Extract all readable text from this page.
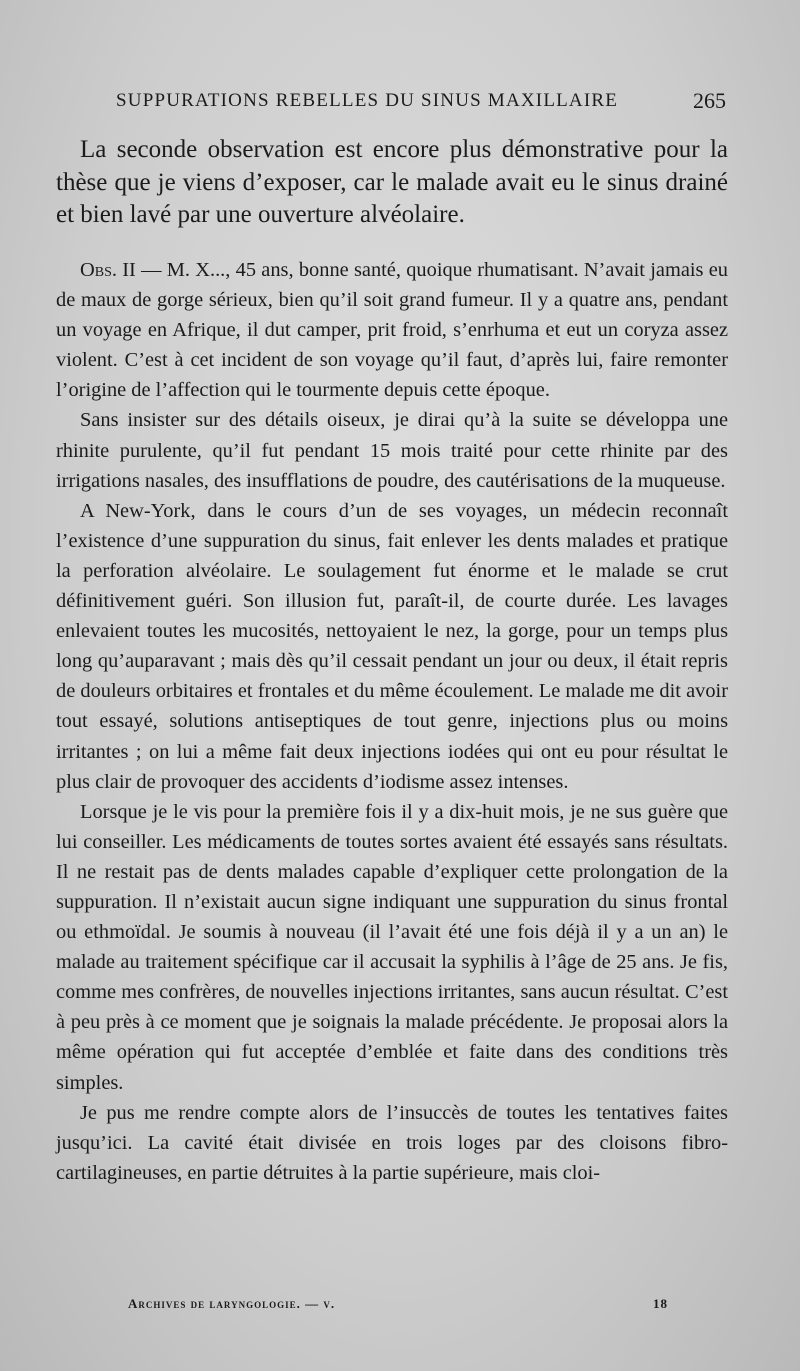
SUPPURATIONS REBELLES DU SINUS MAXILLAIRE	265

La seconde observation est encore plus démonstrative pour la thèse que je viens d’exposer, car le malade avait eu le sinus drainé et bien lavé par une ouverture alvéolaire.

Obs. II — M. X..., 45 ans, bonne santé, quoique rhumatisant. N’avait jamais eu de maux de gorge sérieux, bien qu’il soit grand fumeur. Il y a quatre ans, pendant un voyage en Afrique, il dut camper, prit froid, s’enrhuma et eut un coryza assez violent. C’est à cet incident de son voyage qu’il faut, d’après lui, faire remonter l’origine de l’affection qui le tourmente depuis cette époque.

Sans insister sur des détails oiseux, je dirai qu’à la suite se développa une rhinite purulente, qu’il fut pendant 15 mois traité pour cette rhinite par des irrigations nasales, des insufflations de poudre, des cautérisations de la muqueuse.

A New-York, dans le cours d’un de ses voyages, un médecin reconnaît l’existence d’une suppuration du sinus, fait enlever les dents malades et pratique la perforation alvéolaire. Le soulagement fut énorme et le malade se crut définitivement guéri. Son illusion fut, paraît-il, de courte durée. Les lavages enlevaient toutes les mucosités, nettoyaient le nez, la gorge, pour un temps plus long qu’auparavant ; mais dès qu’il cessait pendant un jour ou deux, il était repris de douleurs orbitaires et frontales et du même écoulement. Le malade me dit avoir tout essayé, solutions antiseptiques de tout genre, injections plus ou moins irritantes ; on lui a même fait deux injections iodées qui ont eu pour résultat le plus clair de provoquer des accidents d’iodisme assez intenses.

Lorsque je le vis pour la première fois il y a dix-huit mois, je ne sus guère que lui conseiller. Les médicaments de toutes sortes avaient été essayés sans résultats. Il ne restait pas de dents malades capable d’expliquer cette prolongation de la suppuration. Il n’existait aucun signe indiquant une suppuration du sinus frontal ou ethmoïdal. Je soumis à nouveau (il l’avait été une fois déjà il y a un an) le malade au traitement spécifique car il accusait la syphilis à l’âge de 25 ans. Je fis, comme mes confrères, de nouvelles injections irritantes, sans aucun résultat. C’est à peu près à ce moment que je soignais la malade précédente. Je proposai alors la même opération qui fut acceptée d’emblée et faite dans des conditions très simples.

Je pus me rendre compte alors de l’insuccès de toutes les tentatives faites jusqu’ici. La cavité était divisée en trois loges par des cloisons fibro-cartilagineuses, en partie détruites à la partie supérieure, mais cloi-

Archives de laryngologie. — v.	18
